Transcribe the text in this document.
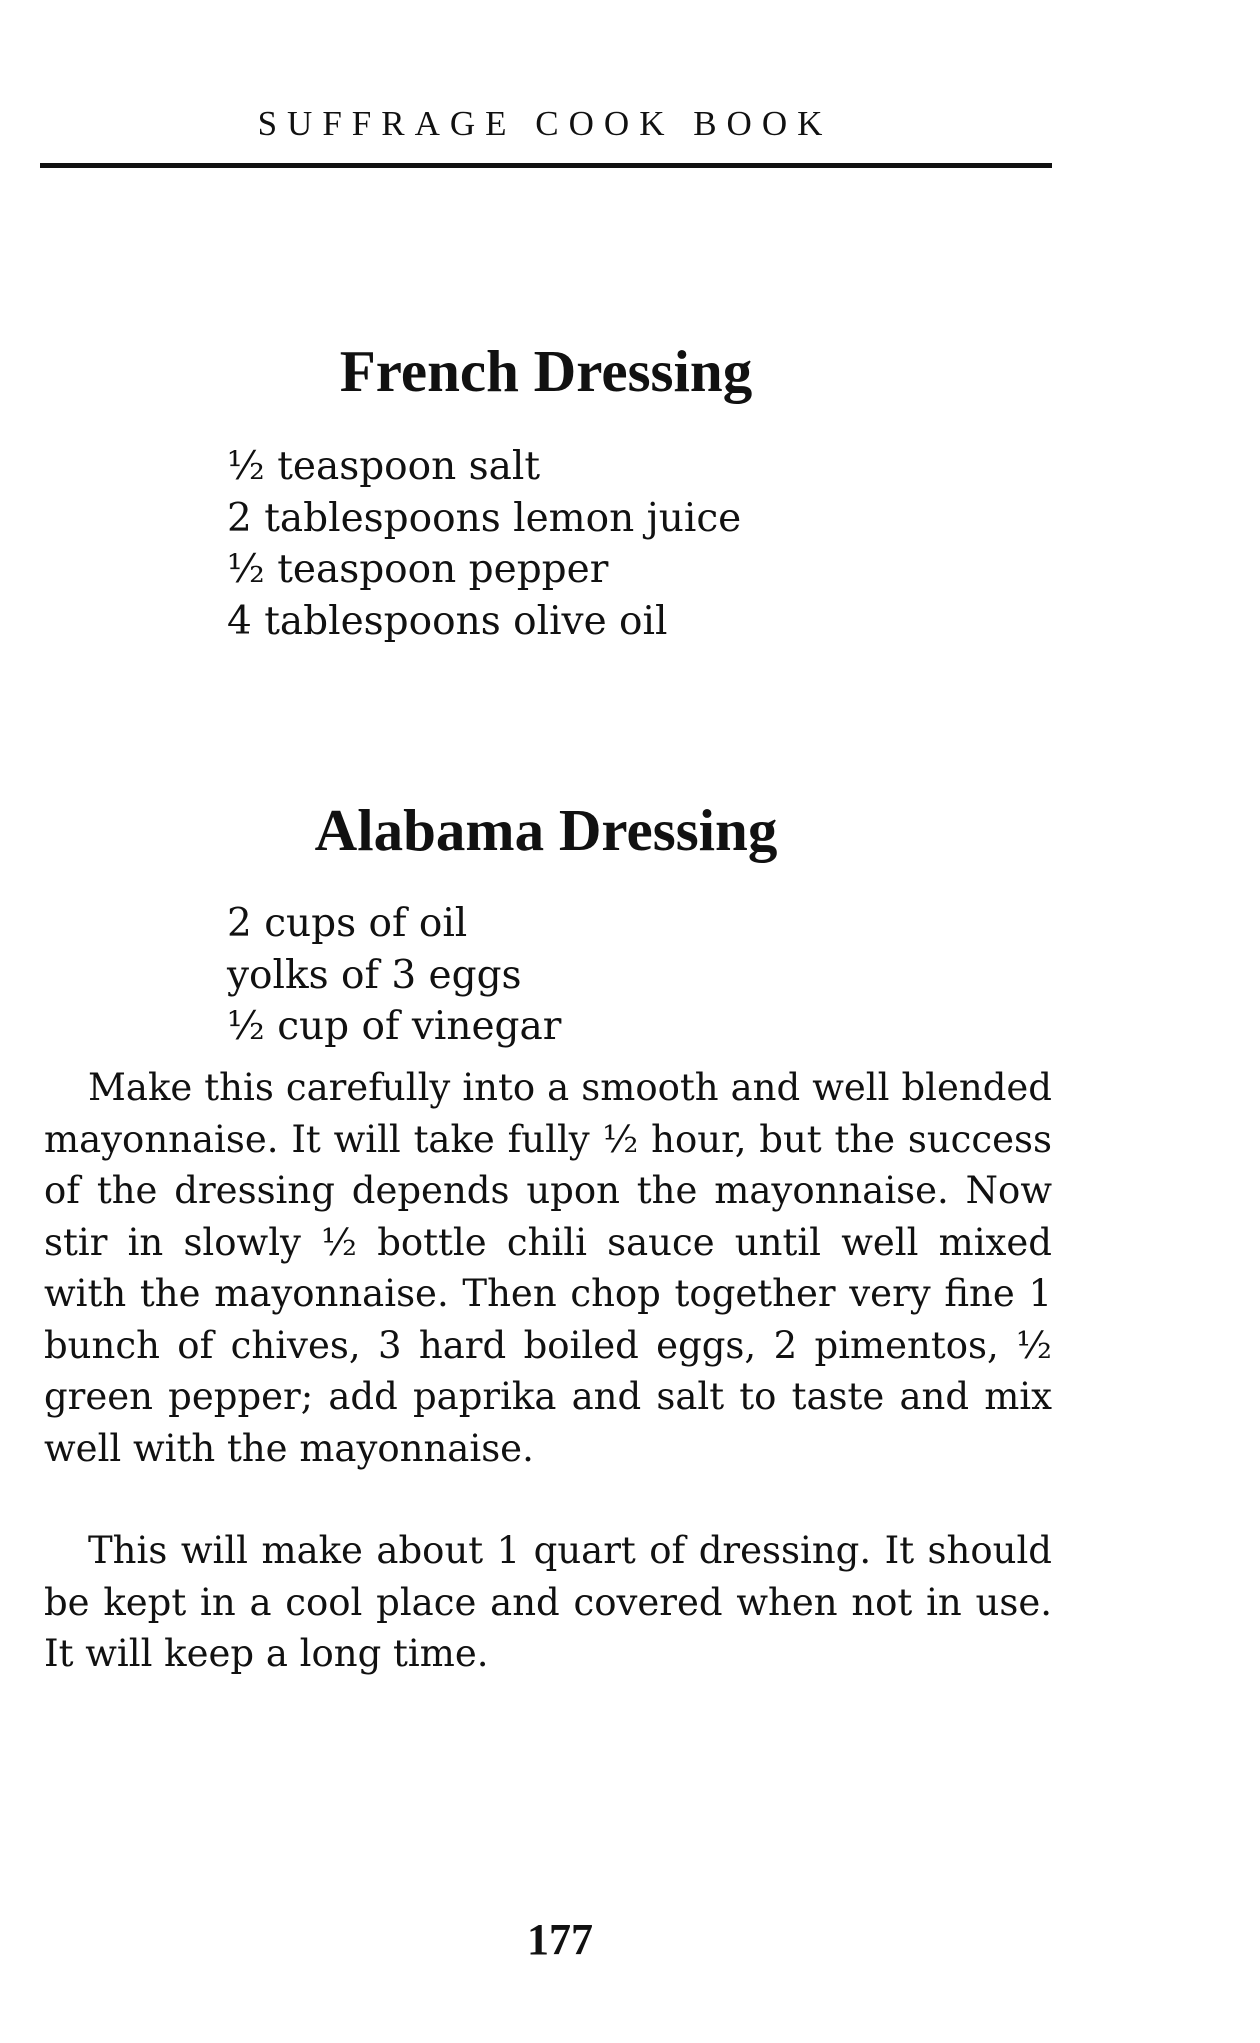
SUFFRAGE COOK BOOK
French Dressing
½ teaspoon salt
2 tablespoons lemon juice
½ teaspoon pepper
4 tablespoons olive oil
Alabama Dressing
2 cups of oil
yolks of 3 eggs
½ cup of vinegar

Make this carefully into a smooth and well blended mayonnaise. It will take fully ½ hour, but the success of the dressing depends upon the mayonnaise. Now stir in slowly ½ bottle chili sauce until well mixed with the mayonnaise. Then chop together very fine 1 bunch of chives, 3 hard boiled eggs, 2 pimentos, ½ green pepper; add paprika and salt to taste and mix well with the mayonnaise.

This will make about 1 quart of dressing. It should be kept in a cool place and covered when not in use. It will keep a long time.

177
